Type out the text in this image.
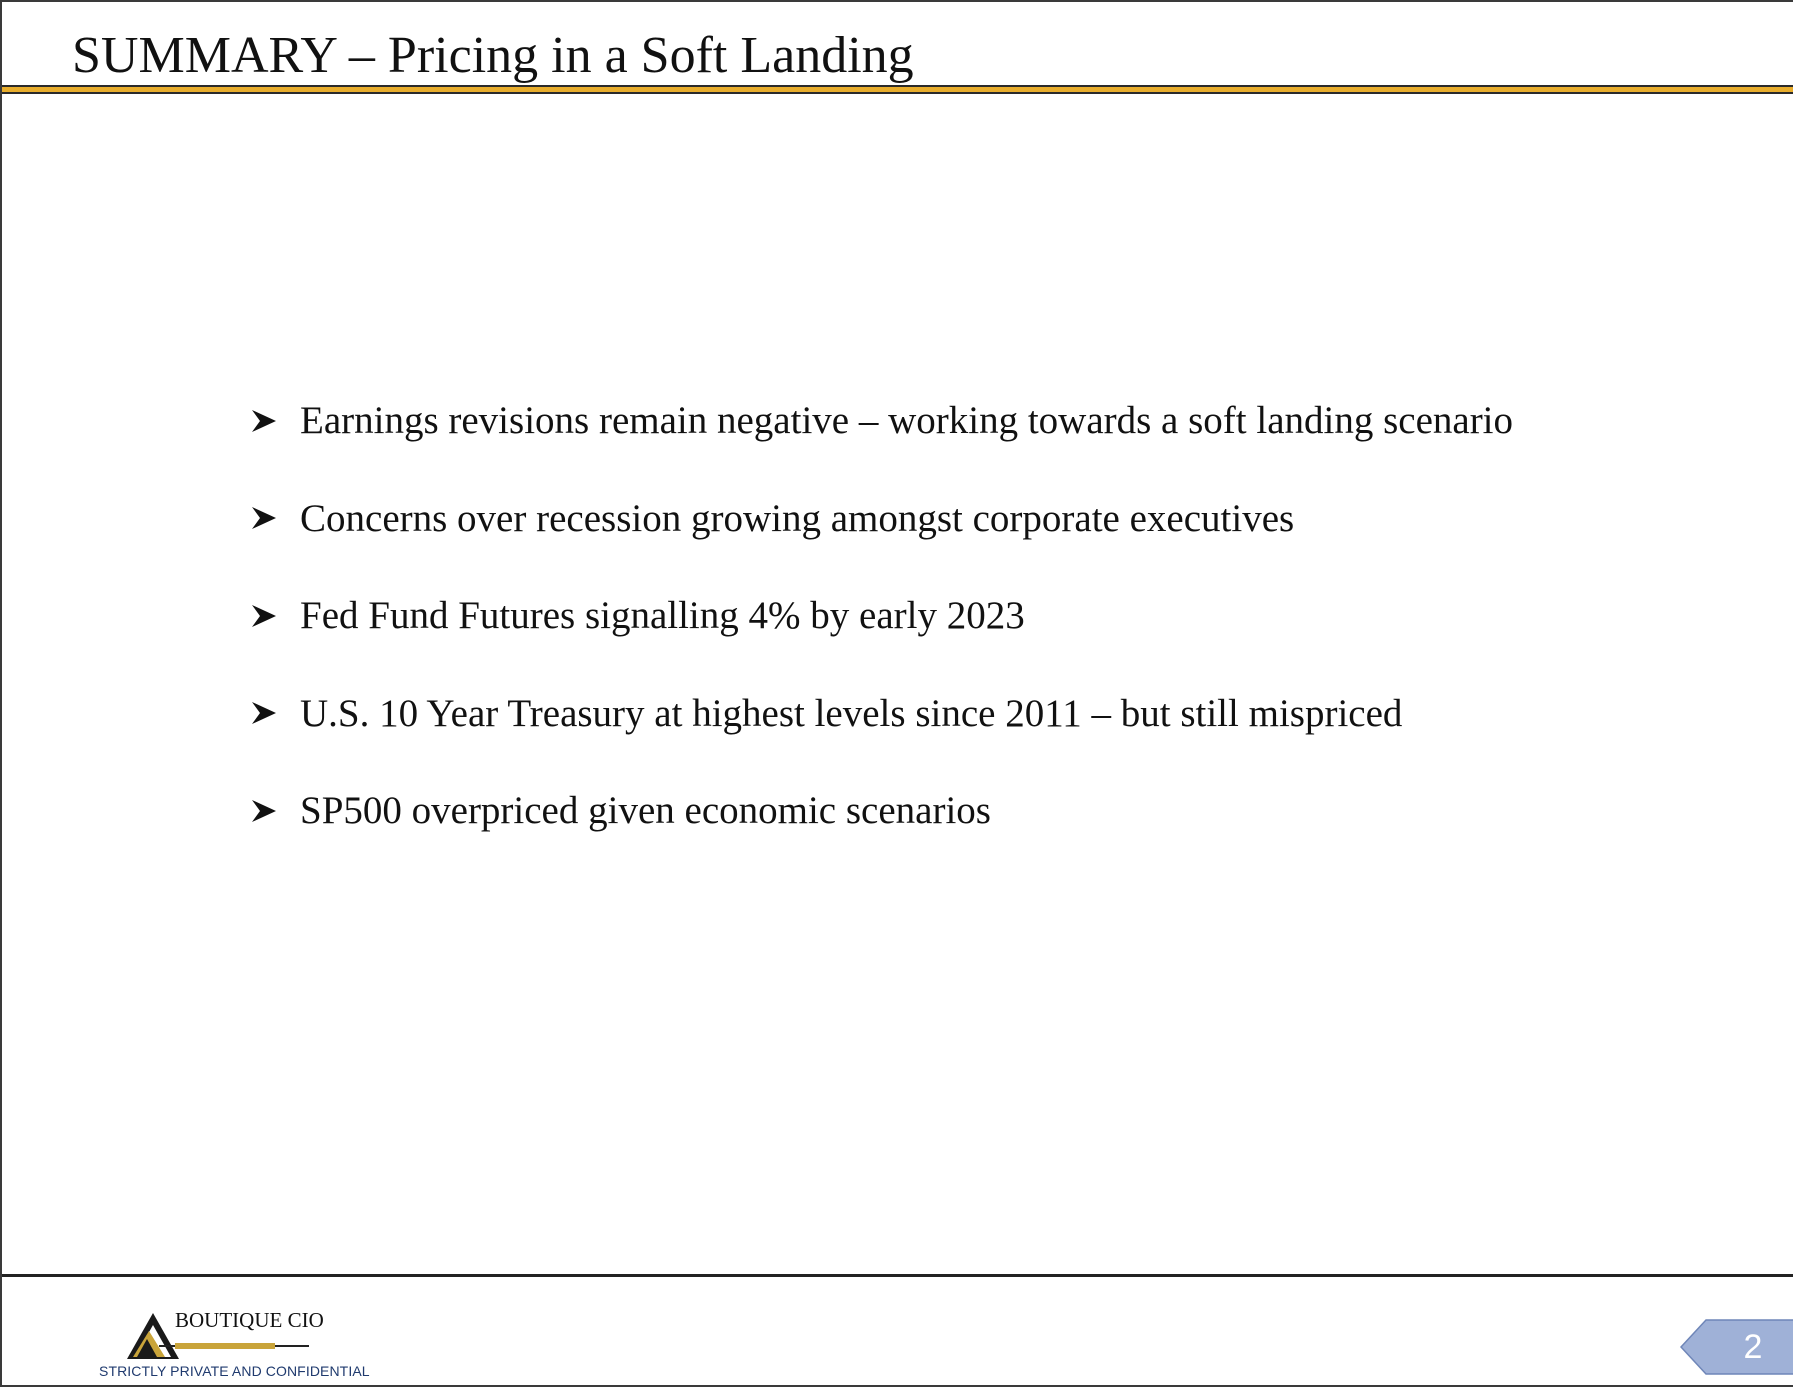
SUMMARY – Pricing in a Soft Landing
Earnings revisions remain negative – working towards a soft landing scenario
Concerns over recession growing amongst corporate executives
Fed Fund Futures signalling 4% by early 2023
U.S. 10 Year Treasury at highest levels since 2011 – but still mispriced
SP500 overpriced given economic scenarios
BOUTIQUE CIO
STRICTLY PRIVATE AND CONFIDENTIAL
2
